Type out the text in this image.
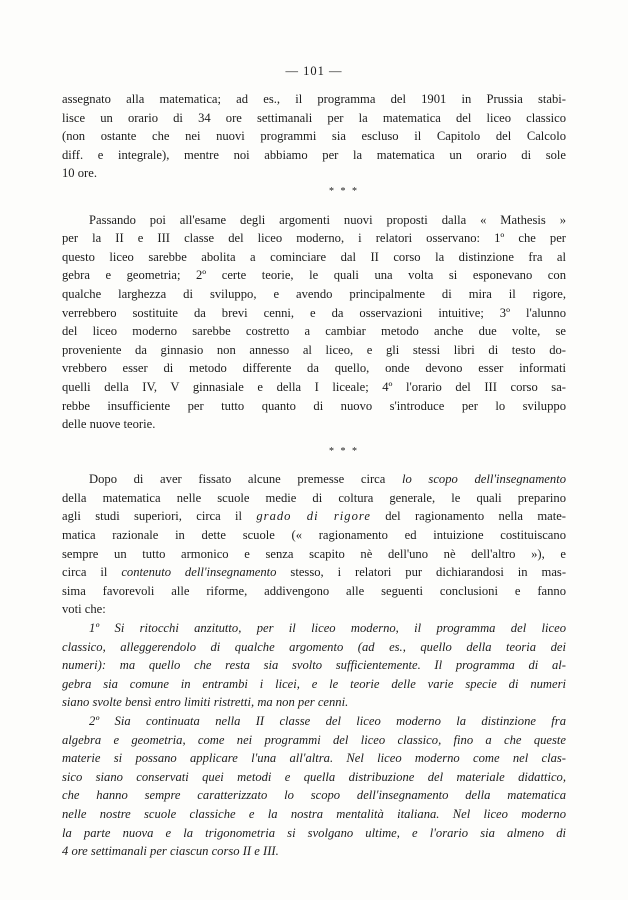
— 101 —
assegnato alla matematica; ad es., il programma del 1901 in Prussia stabi-
lisce un orario di 34 ore settimanali per la matematica del liceo classico
(non ostante che nei nuovi programmi sia escluso il Capitolo del Calcolo
diff. e integrale), mentre noi abbiamo per la matematica un orario di sole
10 ore.
* * *
Passando poi all'esame degli argomenti nuovi proposti dalla « Mathesis »
per la II e III classe del liceo moderno, i relatori osservano: 1º che per
questo liceo sarebbe abolita a cominciare dal II corso la distinzione fra al
gebra e geometria; 2º certe teorie, le quali una volta si esponevano con
qualche larghezza di sviluppo, e avendo principalmente di mira il rigore,
verrebbero sostituite da brevi cenni, e da osservazioni intuitive; 3º l'alunno
del liceo moderno sarebbe costretto a cambiar metodo anche due volte, se
proveniente da ginnasio non annesso al liceo, e gli stessi libri di testo do-
vrebbero esser di metodo differente da quello, onde devono esser informati
quelli della IV, V ginnasiale e della I liceale; 4º l'orario del III corso sa-
rebbe insufficiente per tutto quanto di nuovo s'introduce per lo sviluppo
delle nuove teorie.
* * *
Dopo di aver fissato alcune premesse circa lo scopo dell'insegnamento
della matematica nelle scuole medie di coltura generale, le quali preparino
agli studi superiori, circa il grado di rigore del ragionamento nella mate-
matica razionale in dette scuole (« ragionamento ed intuizione costituiscano
sempre un tutto armonico e senza scapito nè dell'uno nè dell'altro »), e
circa il contenuto dell'insegnamento stesso, i relatori pur dichiarandosi in mas-
sima favorevoli alle riforme, addivengono alle seguenti conclusioni e fanno
voti che:
1º Si ritocchi anzitutto, per il liceo moderno, il programma del liceo
classico, alleggerendolo di qualche argomento (ad es., quello della teoria dei
numeri): ma quello che resta sia svolto sufficientemente. Il programma di al-
gebra sia comune in entrambi i licei, e le teorie delle varie specie di numeri
siano svolte bensì entro limiti ristretti, ma non per cenni.
2º Sia continuata nella II classe del liceo moderno la distinzione fra
algebra e geometria, come nei programmi del liceo classico, fino a che queste
materie si possano applicare l'una all'altra. Nel liceo moderno come nel clas-
sico siano conservati quei metodi e quella distribuzione del materiale didattico,
che hanno sempre caratterizzato lo scopo dell'insegnamento della matematica
nelle nostre scuole classiche e la nostra mentalità italiana. Nel liceo moderno
la parte nuova e la trigonometria si svolgano ultime, e l'orario sia almeno di
4 ore settimanali per ciascun corso II e III.
